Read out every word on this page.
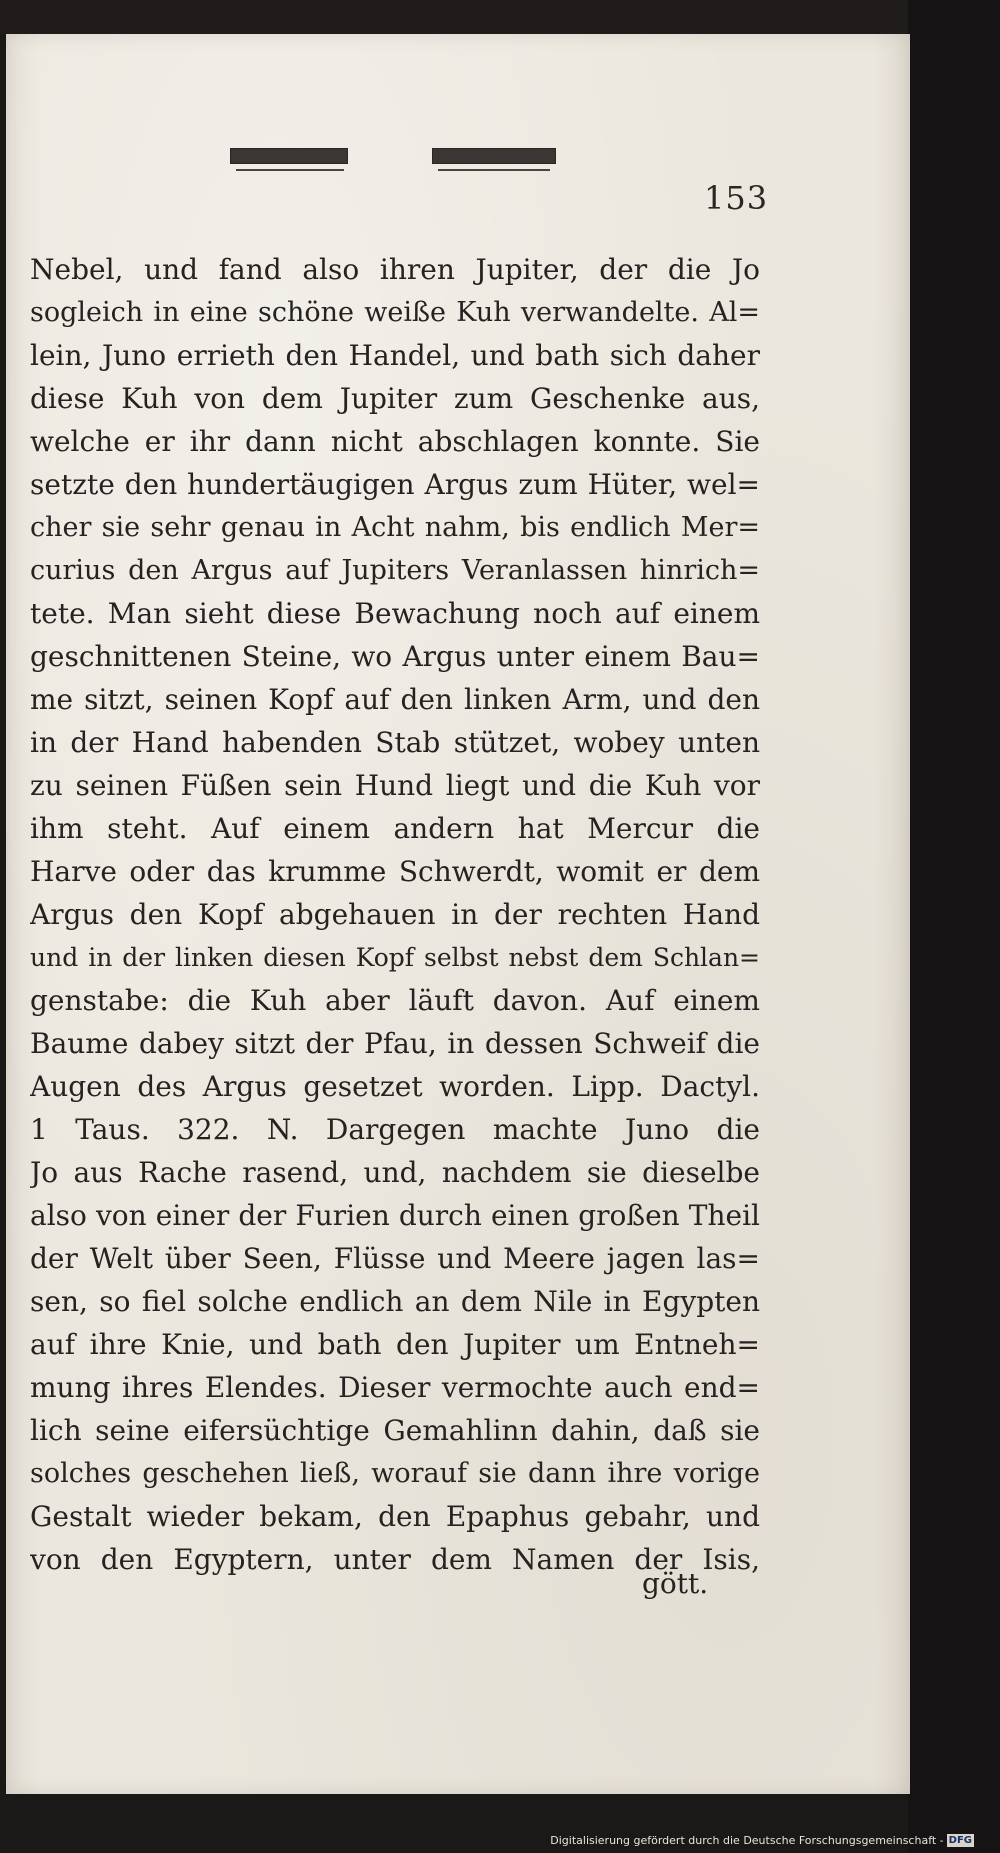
153
Nebel, und fand also ihren Jupiter, der die Jo
sogleich in eine schöne weiße Kuh verwandelte. Al=
lein, Juno errieth den Handel, und bath sich daher
diese Kuh von dem Jupiter zum Geschenke aus,
welche er ihr dann nicht abschlagen konnte. Sie
setzte den hundertäugigen Argus zum Hüter, wel=
cher sie sehr genau in Acht nahm, bis endlich Mer=
curius den Argus auf Jupiters Veranlassen hinrich=
tete. Man sieht diese Bewachung noch auf einem
geschnittenen Steine, wo Argus unter einem Bau=
me sitzt, seinen Kopf auf den linken Arm, und den
in der Hand habenden Stab stützet, wobey unten
zu seinen Füßen sein Hund liegt und die Kuh vor
ihm steht. Auf einem andern hat Mercur die
Harve oder das krumme Schwerdt, womit er dem
Argus den Kopf abgehauen in der rechten Hand
und in der linken diesen Kopf selbst nebst dem Schlan=
genstabe: die Kuh aber läuft davon. Auf einem
Baume dabey sitzt der Pfau, in dessen Schweif die
Augen des Argus gesetzet worden. Lipp. Dactyl.
1 Taus. 322. N. Dargegen machte Juno die
Jo aus Rache rasend, und, nachdem sie dieselbe
also von einer der Furien durch einen großen Theil
der Welt über Seen, Flüsse und Meere jagen las=
sen, so fiel solche endlich an dem Nile in Egypten
auf ihre Knie, und bath den Jupiter um Entneh=
mung ihres Elendes. Dieser vermochte auch end=
lich seine eifersüchtige Gemahlinn dahin, daß sie
solches geschehen ließ, worauf sie dann ihre vorige
Gestalt wieder bekam, den Epaphus gebahr, und
von den Egyptern, unter dem Namen der Isis,
gött.
Digitalisierung gefördert durch die Deutsche Forschungsgemeinschaft - DFG
